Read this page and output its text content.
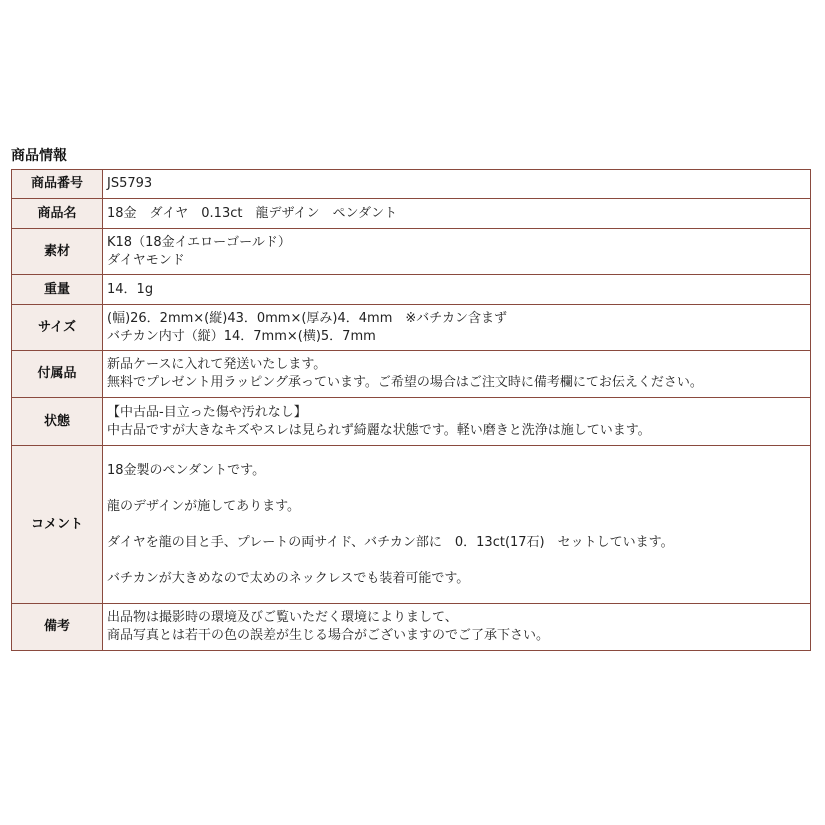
商品情報
商品番号	JS5793

商品名	18金　ダイヤ　0.13ct　龍デザイン　ペンダント

素材	K18（18金イエローゴールド）
ダイヤモンド

重量	14．1g

サイズ	(幅)26．2mm×(縦)43．0mm×(厚み)4．4mm　※バチカン含まず
バチカン内寸（縦）14．7mm×(横)5．7mm

付属品	新品ケースに入れて発送いたします。
無料でプレゼント用ラッピング承っています。ご希望の場合はご注文時に備考欄にてお伝えください。

状態	【中古品-目立った傷や汚れなし】
中古品ですが大きなキズやスレは見られず綺麗な状態です。軽い磨きと洗浄は施しています。

コメント	18金製のペンダントです。
龍のデザインが施してあります。
ダイヤを龍の目と手、プレートの両サイド、バチカン部に　0．13ct(17石)　セットしています。
バチカンが大きめなので太めのネックレスでも装着可能です。

備考	出品物は撮影時の環境及びご覧いただく環境によりまして、
商品写真とは若干の色の誤差が生じる場合がございますのでご了承下さい。
